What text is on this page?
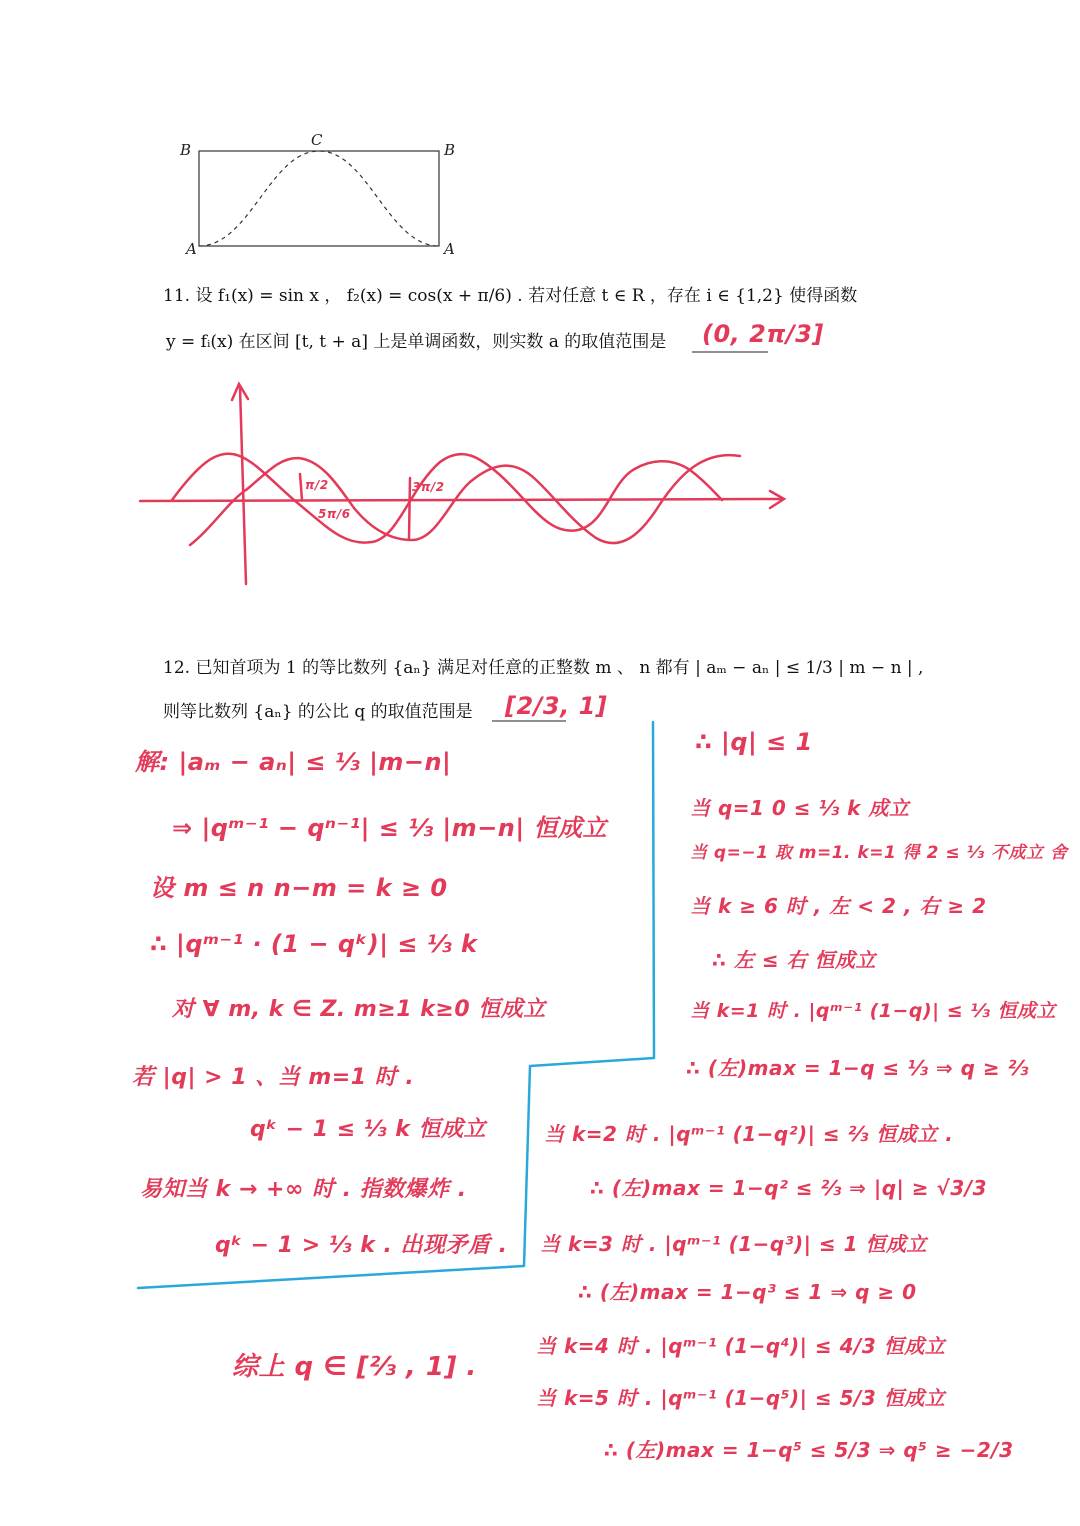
B	B
C
A	A
11. 设 f₁(x) = sin x ， f₂(x) = cos(x + π/6) . 若对任意 t ∈ R ，存在 i ∈ {1,2} 使得函数
y = fᵢ(x) 在区间 [t, t + a] 上是单调函数，则实数 a 的取值范围是 (0, 2π/3]
π/2
5π/6
3π/2
12. 已知首项为 1 的等比数列 {aₙ} 满足对任意的正整数 m 、 n 都有 | aₘ − aₙ | ≤ 1/3 | m − n | ,
则等比数列 {aₙ} 的公比 q 的取值范围是 [2/3, 1]
解: |aₘ − aₙ| ≤ ⅓ |m−n|
⇒ |qᵐ⁻¹ − qⁿ⁻¹| ≤ ⅓ |m−n| 恒成立
设 m ≤ n n−m = k ≥ 0
∴ |qᵐ⁻¹ · (1 − qᵏ)| ≤ ⅓ k
对 ∀ m, k ∈ Z. m≥1 k≥0 恒成立
若 |q| > 1 、当 m=1 时 .
qᵏ − 1 ≤ ⅓ k 恒成立
易知当 k → +∞ 时 . 指数爆炸 .
qᵏ − 1 > ⅓ k . 出现矛盾 .
∴ |q| ≤ 1
当 q=1 0 ≤ ⅓ k 成立
当 q=−1 取 m=1. k=1 得 2 ≤ ⅓ 不成立 舍
当 k ≥ 6 时 , 左 < 2 , 右 ≥ 2
∴ 左 ≤ 右 恒成立
当 k=1 时 . |qᵐ⁻¹ (1−q)| ≤ ⅓ 恒成立
∴ (左)max = 1−q ≤ ⅓ ⇒ q ≥ ⅔
当 k=2 时 . |qᵐ⁻¹ (1−q²)| ≤ ⅔ 恒成立 .
∴ (左)max = 1−q² ≤ ⅔ ⇒ |q| ≥ √3/3
当 k=3 时 . |qᵐ⁻¹ (1−q³)| ≤ 1 恒成立
∴ (左)max = 1−q³ ≤ 1 ⇒ q ≥ 0
当 k=4 时 . |qᵐ⁻¹ (1−q⁴)| ≤ 4/3 恒成立
当 k=5 时 . |qᵐ⁻¹ (1−q⁵)| ≤ 5/3 恒成立
∴ (左)max = 1−q⁵ ≤ 5/3 ⇒ q⁵ ≥ −2/3
综上 q ∈ [⅔ , 1] .
